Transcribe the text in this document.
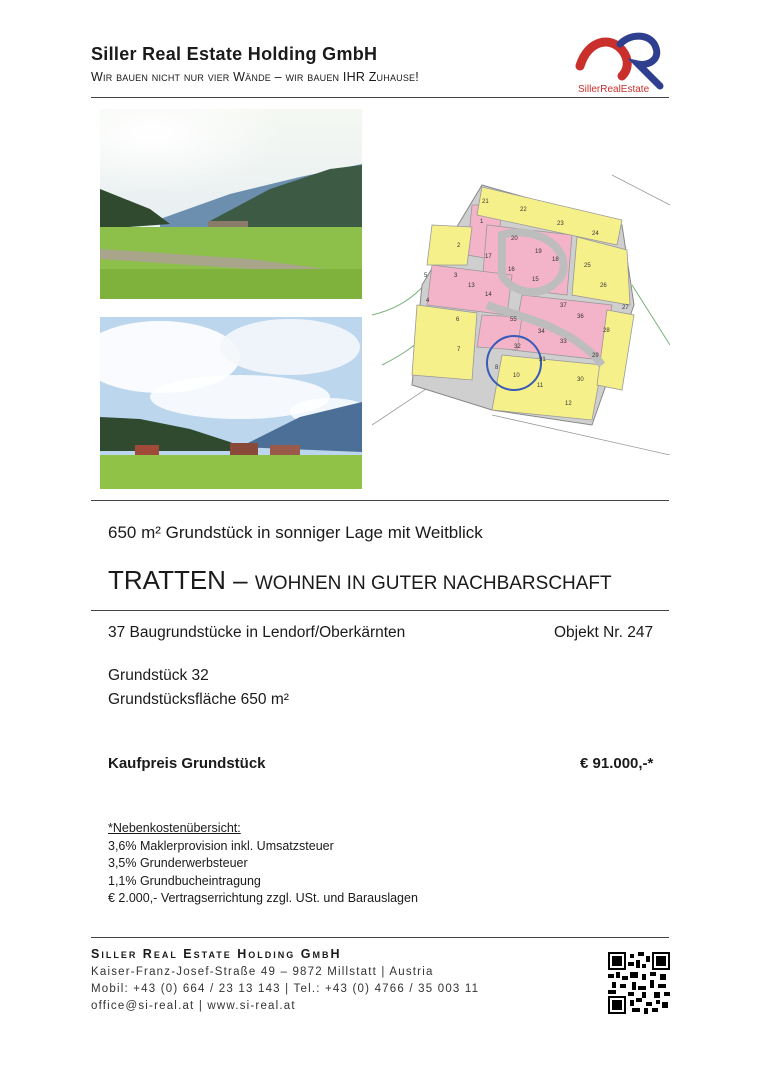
Siller Real Estate Holding GmbH
Wir bauen nicht nur vier Wände – wir bauen IHR Zuhause!
SillerRealEstate
21
22
23
24
1
20
19
18
2
17
16
15
25
3
13
14
26
5
4
27
55
37
36
28
6
34
33
32
29
7
8
31
30
11
10
12
650 m² Grundstück in sonniger Lage mit Weitblick
TRATTEN – WOHNEN IN GUTER NACHBARSCHAFT
37 Baugrundstücke in Lendorf/Oberkärnten	Objekt Nr. 247
Grundstück 32
Grundstücksfläche 650 m²
Kaufpreis Grundstück	€ 91.000,-*
*Nebenkostenübersicht:
3,6% Maklerprovision inkl. Umsatzsteuer
3,5% Grunderwerbsteuer
1,1% Grundbucheintragung
€ 2.000,- Vertragserrichtung zzgl. USt. und Barauslagen
Siller Real Estate Holding GmbH
Kaiser-Franz-Josef-Straße 49 – 9872 Millstatt | Austria
Mobil: +43 (0) 664 / 23 13 143 | Tel.: +43 (0) 4766 / 35 003 11
office@si-real.at | www.si-real.at
